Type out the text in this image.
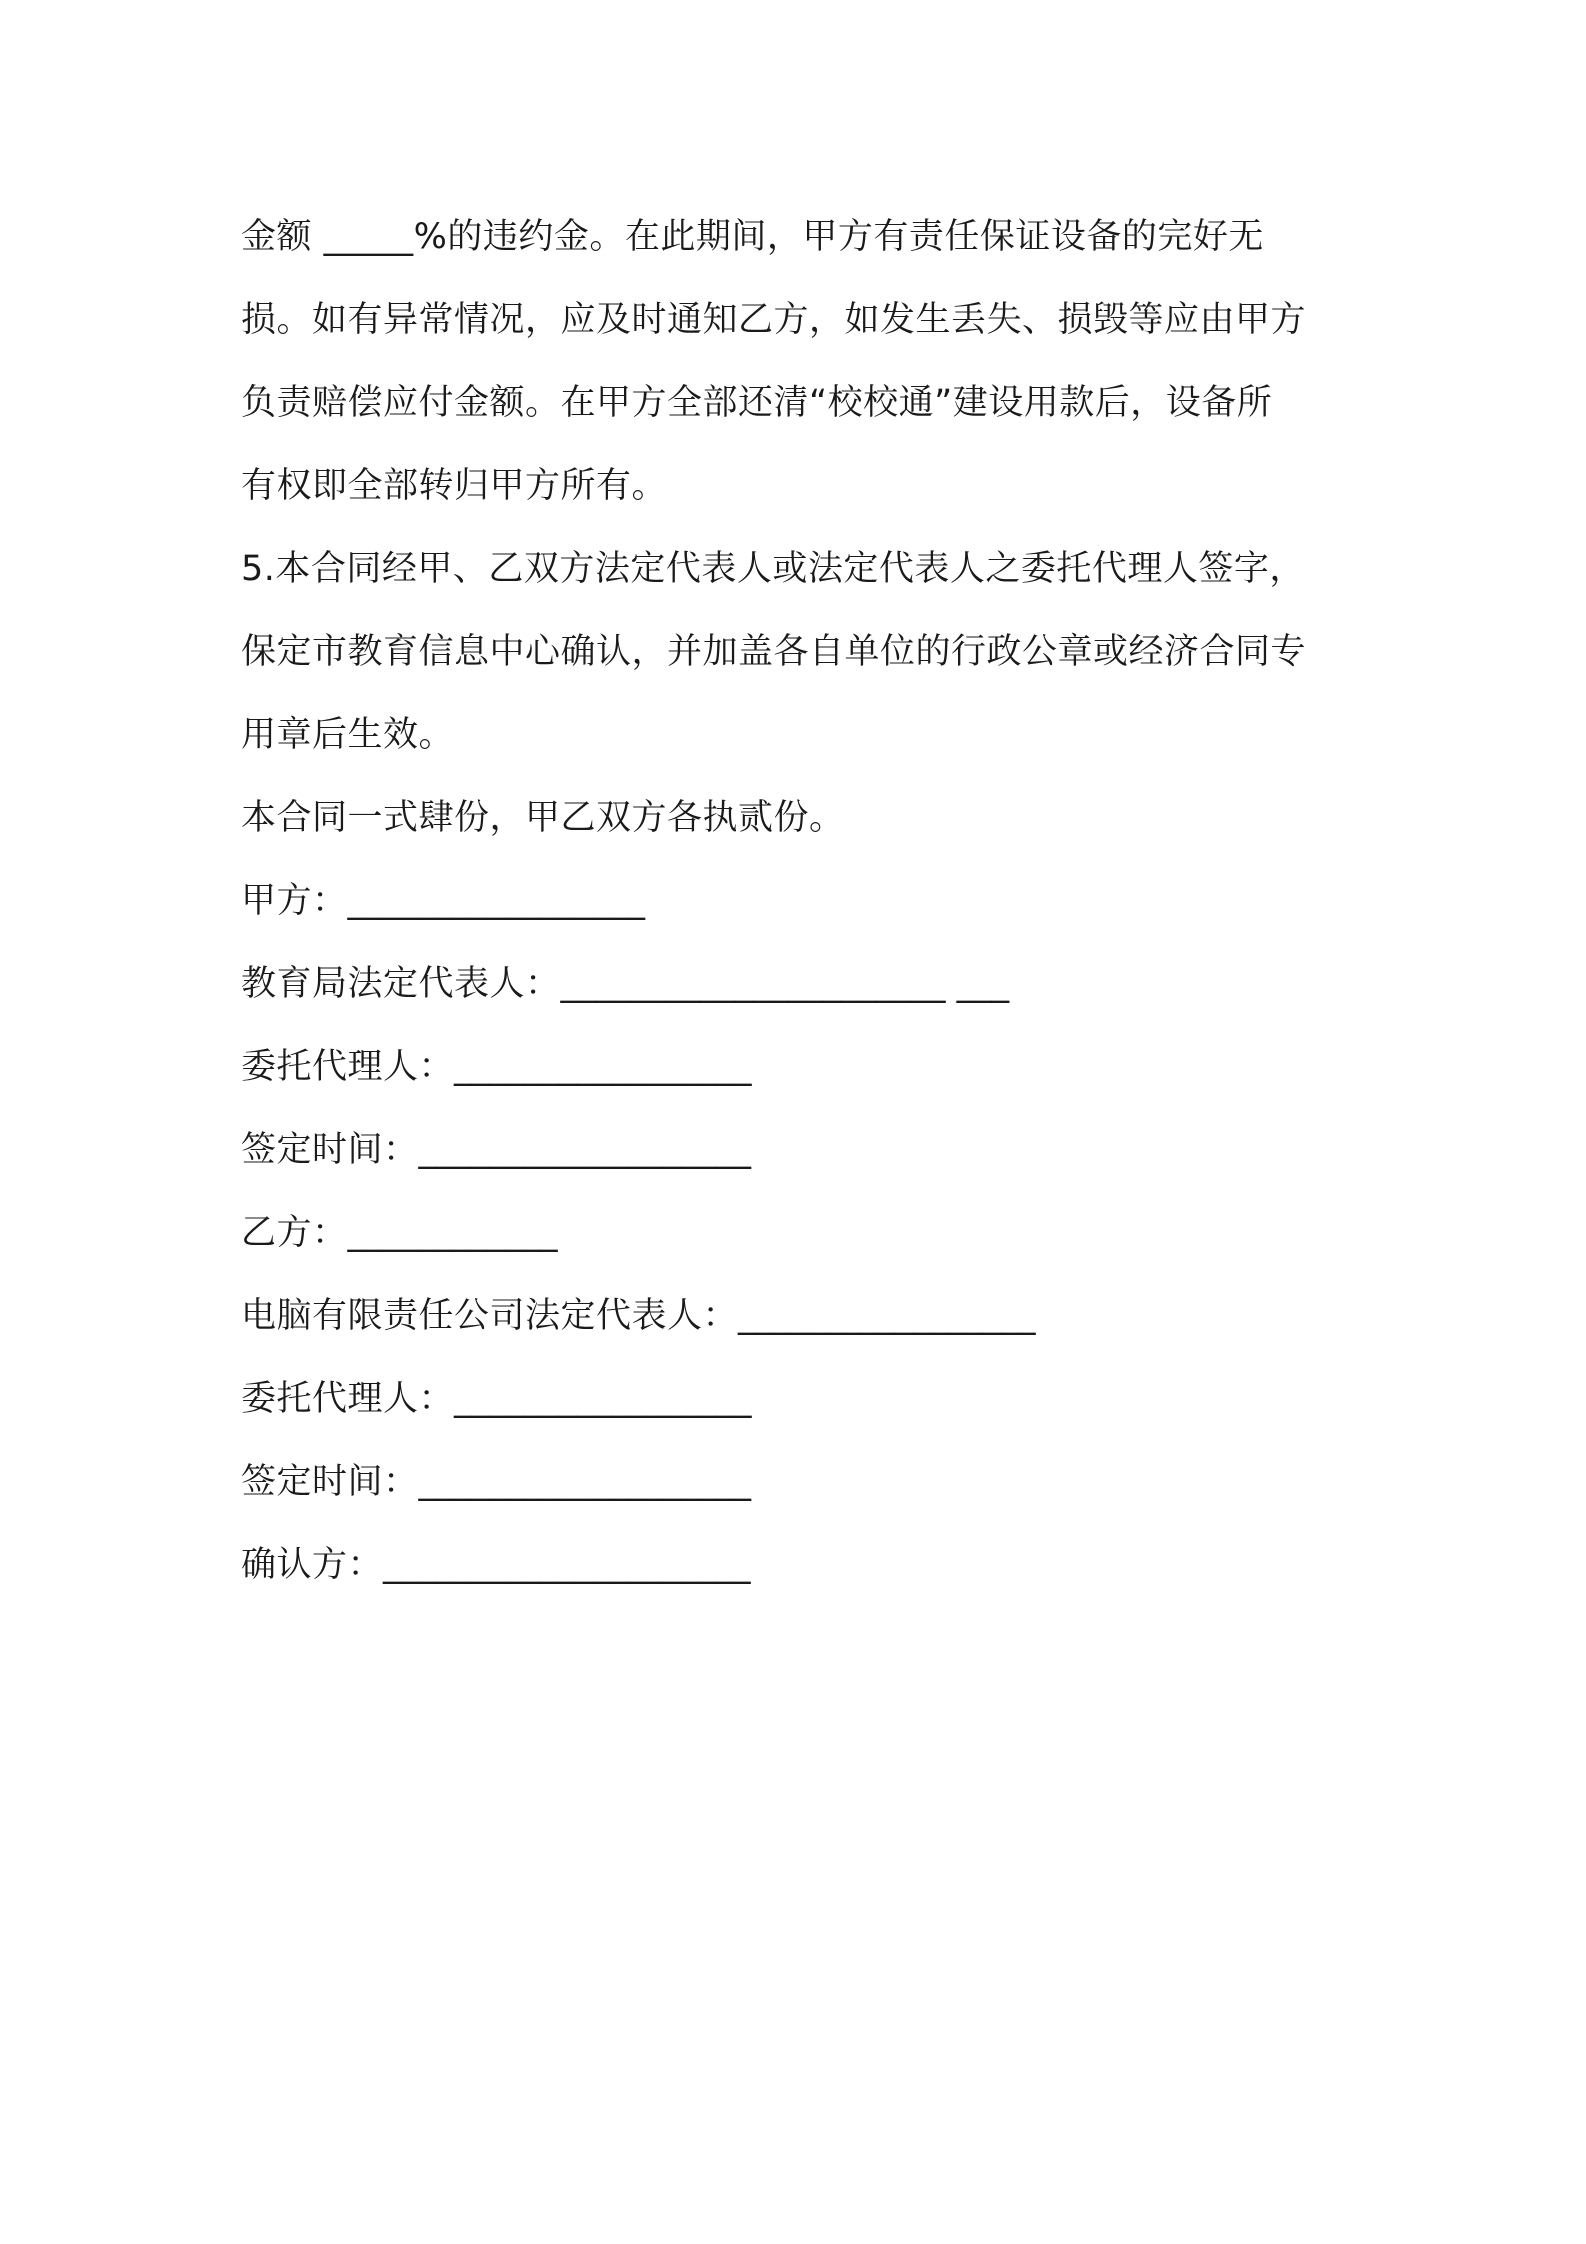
金额 _____%的违约金。在此期间，甲方有责任保证设备的完好无
损。如有异常情况，应及时通知乙方，如发生丢失、损毁等应由甲方
负责赔偿应付金额。在甲方全部还清“校校通”建设用款后，设备所
有权即全部转归甲方所有。
5.本合同经甲、乙双方法定代表人或法定代表人之委托代理人签字，
保定市教育信息中心确认，并加盖各自单位的行政公章或经济合同专
用章后生效。
本合同一式肆份，甲乙双方各执贰份。
甲方：_________________
教育局法定代表人：______________________ ___
委托代理人：_________________
签定时间：___________________
乙方：____________
电脑有限责任公司法定代表人：_________________
委托代理人：_________________
签定时间：___________________
确认方：_____________________
